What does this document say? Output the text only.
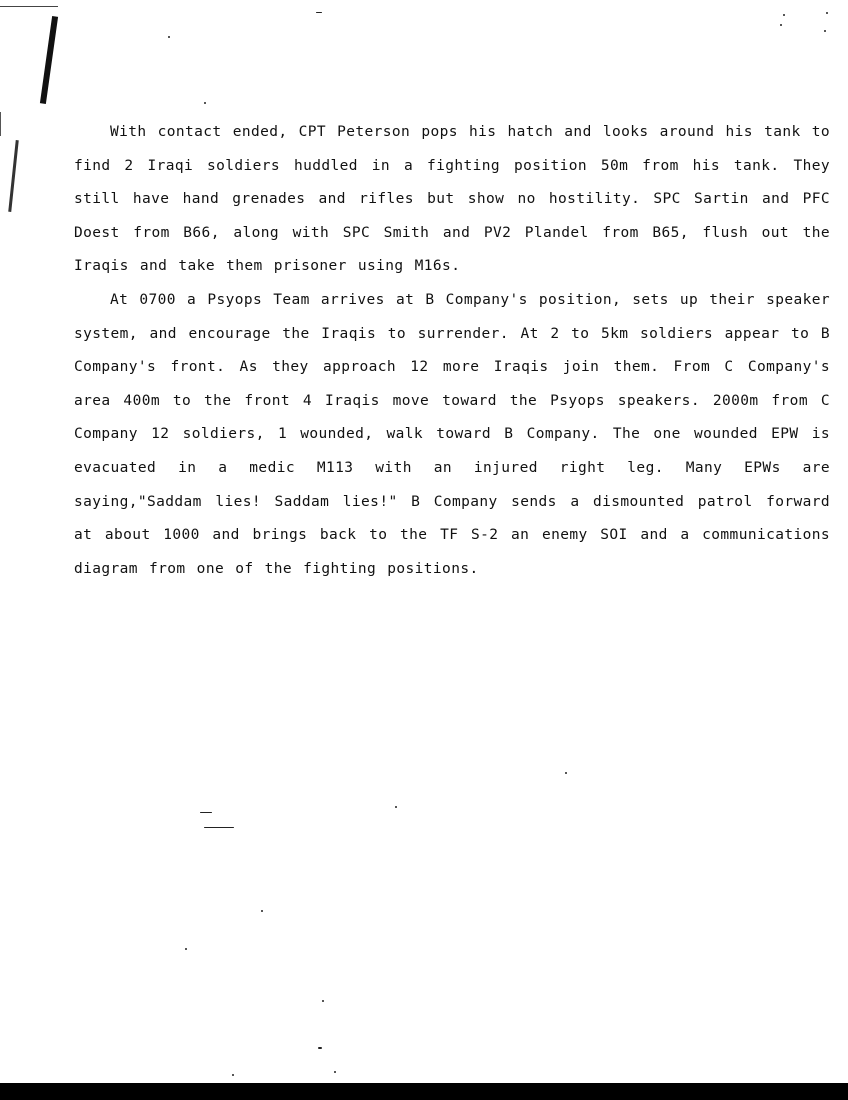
With contact ended, CPT Peterson pops his hatch and looks around his tank to find 2 Iraqi soldiers huddled in a fighting position 50m from his tank. They still have hand grenades and rifles but show no hostility. SPC Sartin and PFC Doest from B66, along with SPC Smith and PV2 Plandel from B65, flush out the Iraqis and take them prisoner using M16s.

At 0700 a Psyops Team arrives at B Company's position, sets up their speaker system, and encourage the Iraqis to surrender. At 2 to 5km soldiers appear to B Company's front. As they approach 12 more Iraqis join them. From C Company's area 400m to the front 4 Iraqis move toward the Psyops speakers. 2000m from C Company 12 soldiers, 1 wounded, walk toward B Company. The one wounded EPW is evacuated in a medic M113 with an injured right leg. Many EPWs are saying,"Saddam lies! Saddam lies!" B Company sends a dismounted patrol forward at about 1000 and brings back to the TF S-2 an enemy SOI and a communications diagram from one of the fighting positions.
